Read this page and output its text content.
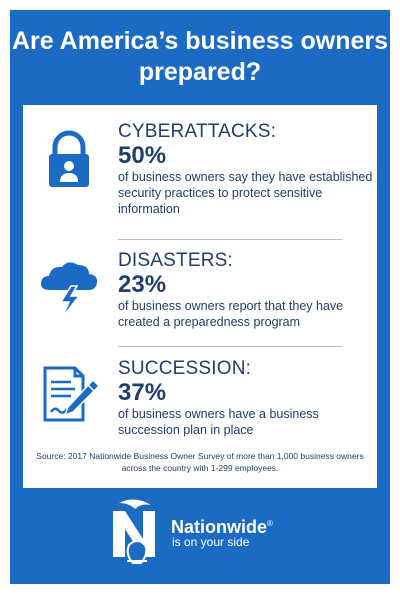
Are America’s business owners prepared?
CYBERATTACKS:
50%
of business owners say they have established security practices to protect sensitive information
DISASTERS:
23%
of business owners report that they have created a preparedness program
SUCCESSION:
37%
of business owners have a business succession plan in place
Source: 2017 Nationwide Business Owner Survey of more than 1,000 business owners across the country with 1-299 employees.
Nationwide®
is on your side
